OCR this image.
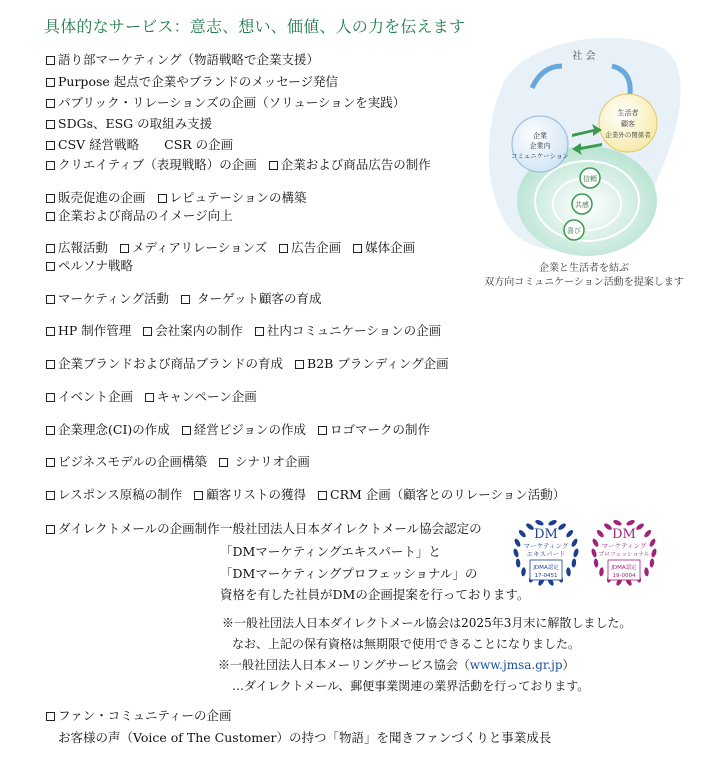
具体的なサービス：意志、想い、価値、人の力を伝えます
語り部マーケティング（物語戦略で企業支援）
Purpose 起点で企業やブランドのメッセージ発信
パブリック・リレーションズの企画（ソリューションを実践）
SDGs、ESG の取組み支援
CSV 経営戦略　　CSR の企画
クリエイティブ（表現戦略）の企画 企業および商品広告の制作
販売促進の企画 レピュテーションの構築
企業および商品のイメージ向上
広報活動 メディアリレーションズ 広告企画 媒体企画
ペルソナ戦略
マーケティング活動 ターゲット顧客の育成
HP 制作管理 会社案内の制作 社内コミュニケーションの企画
企業ブランドおよび商品ブランドの育成 B2B ブランディング企画
イベント企画 キャンペーン企画
企業理念(CI)の作成 経営ビジョンの作成 ロゴマークの制作
ビジネスモデルの企画構築 シナリオ企画
レスポンス原稿の制作 顧客リストの獲得 CRM 企画（顧客とのリレーション活動）
ダイレクトメールの企画制作
ファン・コミュニティーの企画
社 会
企業
企業内
コミュニケーション
生活者
顧客
企業外の関係者
信頼
共感
喜び
企業と生活者を結ぶ
双方向コミュニケーション活動を提案します
一般社団法人日本ダイレクトメール協会認定の
「DMマーケティングエキスパート」と
「DMマーケティングプロフェッショナル」の
資格を有した社員がDMの企画提案を行っております。
DM
マーケティング
エキスパート
JDMA認定
17-0451
DM
マーケティング
プロフェッショナル
JDMA認定
19-0004
※一般社団法人日本ダイレクトメール協会は2025年3月末に解散しました。
なお、上記の保有資格は無期限で使用できることになりました。
※一般社団法人日本メーリングサービス協会（www.jmsa.gr.jp）
…ダイレクトメール、郵便事業関連の業界活動を行っております。
お客様の声（Voice of The Customer）の持つ「物語」を聞きファンづくりと事業成長
